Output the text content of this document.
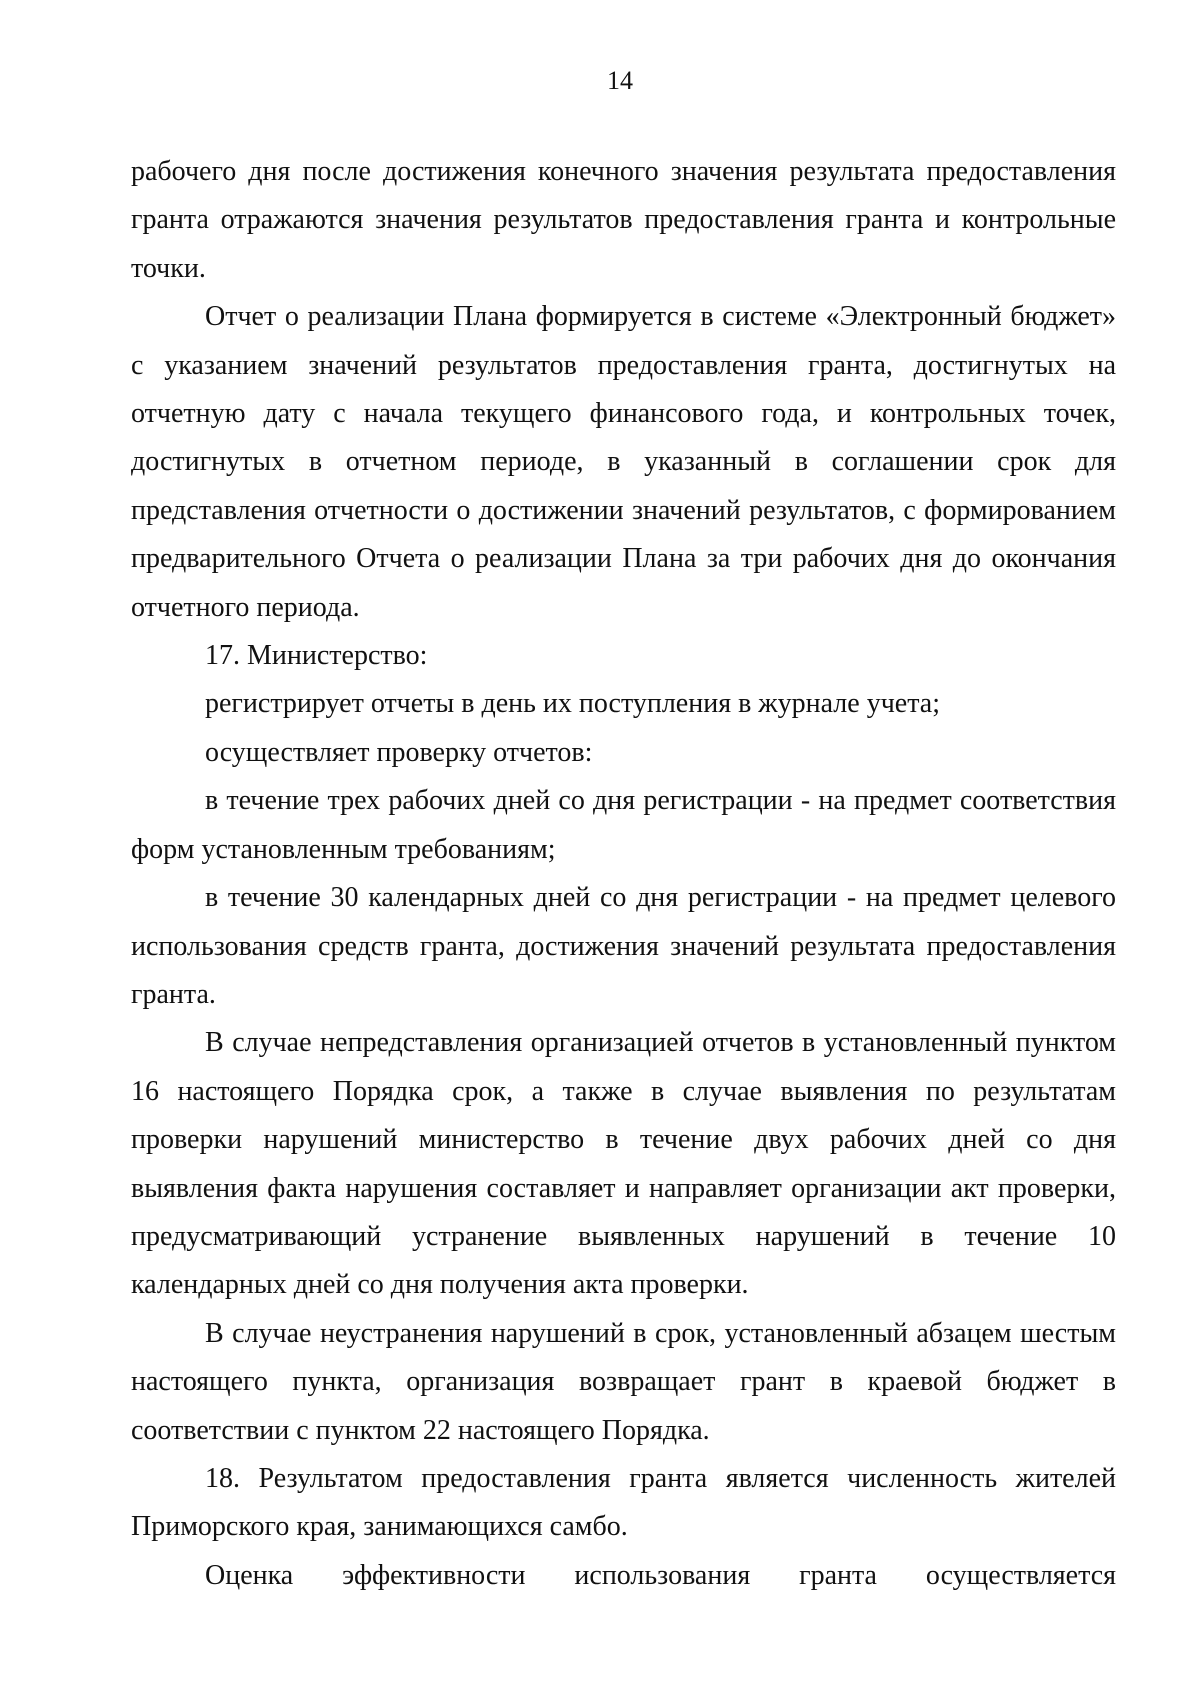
14

рабочего дня после достижения конечного значения результата предоставления гранта отражаются значения результатов предоставления гранта и контрольные точки.

Отчет о реализации Плана формируется в системе «Электронный бюджет» с указанием значений результатов предоставления гранта, достигнутых на отчетную дату с начала текущего финансового года, и контрольных точек, достигнутых в отчетном периоде, в указанный в соглашении срок для представления отчетности о достижении значений результатов, с формированием предварительного Отчета о реализации Плана за три рабочих дня до окончания отчетного периода.

17. Министерство:

регистрирует отчеты в день их поступления в журнале учета;

осуществляет проверку отчетов:

в течение трех рабочих дней со дня регистрации - на предмет соответствия форм установленным требованиям;

в течение 30 календарных дней со дня регистрации - на предмет целевого использования средств гранта, достижения значений результата предоставления гранта.

В случае непредставления организацией отчетов в установленный пунктом 16 настоящего Порядка срок, а также в случае выявления по результатам проверки нарушений министерство в течение двух рабочих дней со дня выявления факта нарушения составляет и направляет организации акт проверки, предусматривающий устранение выявленных нарушений в течение 10 календарных дней со дня получения акта проверки.

В случае неустранения нарушений в срок, установленный абзацем шестым настоящего пункта, организация возвращает грант в краевой бюджет в соответствии с пунктом 22 настоящего Порядка.

18. Результатом предоставления гранта является численность жителей Приморского края, занимающихся самбо.

Оценка эффективности использования гранта осуществляется
